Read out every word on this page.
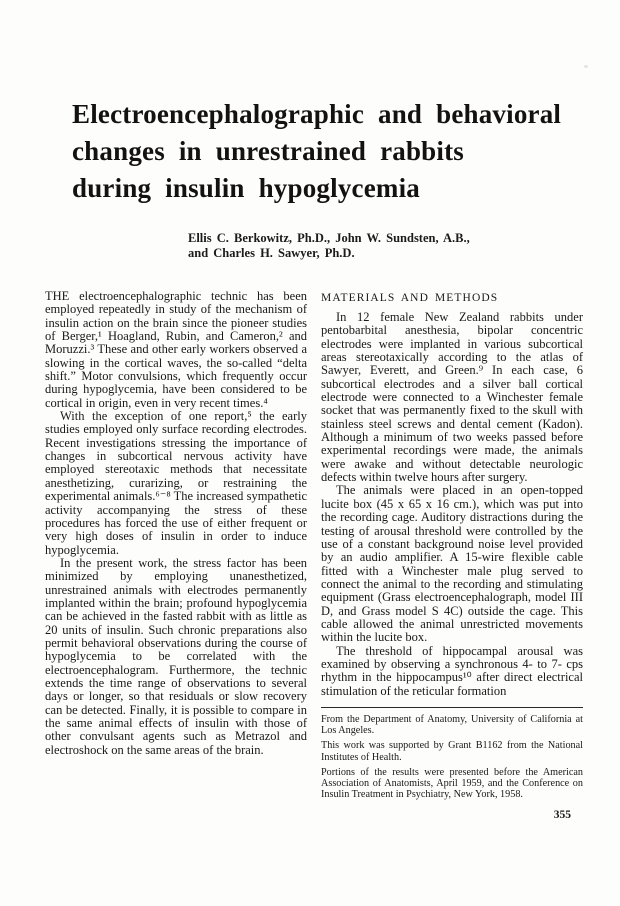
Electroencephalographic and behavioral
changes in unrestrained rabbits
during insulin hypoglycemia
Ellis C. Berkowitz, Ph.D., John W. Sundsten, A.B.,
and Charles H. Sawyer, Ph.D.

THE electroencephalographic technic has been employed repeatedly in study of the mechanism of insulin action on the brain since the pioneer studies of Berger,¹ Hoagland, Rubin, and Cameron,² and Moruzzi.³ These and other early workers observed a slowing in the cortical waves, the so-called “delta shift.” Motor convulsions, which frequently occur during hypoglycemia, have been considered to be cortical in origin, even in very recent times.⁴

With the exception of one report,⁵ the early studies employed only surface recording electrodes. Recent investigations stressing the importance of changes in subcortical nervous activity have employed stereotaxic methods that necessitate anesthetizing, curarizing, or restraining the experimental animals.⁶⁻⁸ The increased sympathetic activity accompanying the stress of these procedures has forced the use of either frequent or very high doses of insulin in order to induce hypoglycemia.

In the present work, the stress factor has been minimized by employing unanesthetized, unrestrained animals with electrodes permanently implanted within the brain; profound hypoglycemia can be achieved in the fasted rabbit with as little as 20 units of insulin. Such chronic preparations also permit behavioral observations during the course of hypoglycemia to be correlated with the electroencephalogram. Furthermore, the technic extends the time range of observations to several days or longer, so that residuals or slow recovery can be detected. Finally, it is possible to compare in the same animal effects of insulin with those of other convulsant agents such as Metrazol and electroshock on the same areas of the brain.

MATERIALS AND METHODS

In 12 female New Zealand rabbits under pentobarbital anesthesia, bipolar concentric electrodes were implanted in various subcortical areas stereotaxically according to the atlas of Sawyer, Everett, and Green.⁹ In each case, 6 subcortical electrodes and a silver ball cortical electrode were connected to a Winchester female socket that was permanently fixed to the skull with stainless steel screws and dental cement (Kadon). Although a minimum of two weeks passed before experimental recordings were made, the animals were awake and without detectable neurologic defects within twelve hours after surgery.

The animals were placed in an open-topped lucite box (45 x 65 x 16 cm.), which was put into the recording cage. Auditory distractions during the testing of arousal threshold were controlled by the use of a constant background noise level provided by an audio amplifier. A 15-wire flexible cable fitted with a Winchester male plug served to connect the animal to the recording and stimulating equipment (Grass electroencephalograph, model III D, and Grass model S 4C) outside the cage. This cable allowed the animal unrestricted movements within the lucite box.

The threshold of hippocampal arousal was examined by observing a synchronous 4- to 7- cps rhythm in the hippocampus¹⁰ after direct electrical stimulation of the reticular formation

From the Department of Anatomy, University of California at Los Angeles.

This work was supported by Grant B1162 from the National Institutes of Health.

Portions of the results were presented before the American Association of Anatomists, April 1959, and the Conference on Insulin Treatment in Psychiatry, New York, 1958.

355
